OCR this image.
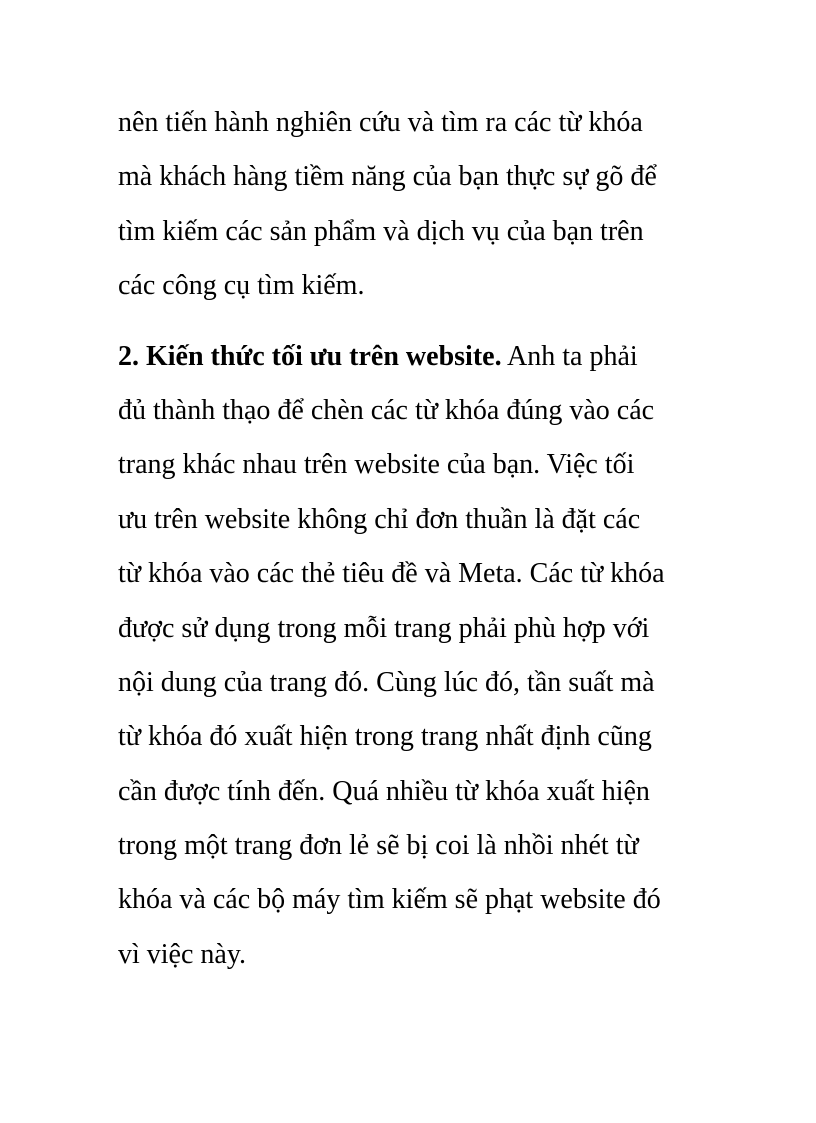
nên tiến hành nghiên cứu và tìm ra các từ khóa
mà khách hàng tiềm năng của bạn thực sự gõ để
tìm kiếm các sản phẩm và dịch vụ của bạn trên
các công cụ tìm kiếm.
2. Kiến thức tối ưu trên website. Anh ta phải
đủ thành thạo để chèn các từ khóa đúng vào các
trang khác nhau trên website của bạn. Việc tối
ưu trên website không chỉ đơn thuần là đặt các
từ khóa vào các thẻ tiêu đề và Meta. Các từ khóa
được sử dụng trong mỗi trang phải phù hợp với
nội dung của trang đó. Cùng lúc đó, tần suất mà
từ khóa đó xuất hiện trong trang nhất định cũng
cần được tính đến. Quá nhiều từ khóa xuất hiện
trong một trang đơn lẻ sẽ bị coi là nhồi nhét từ
khóa và các bộ máy tìm kiếm sẽ phạt website đó
vì việc này.
